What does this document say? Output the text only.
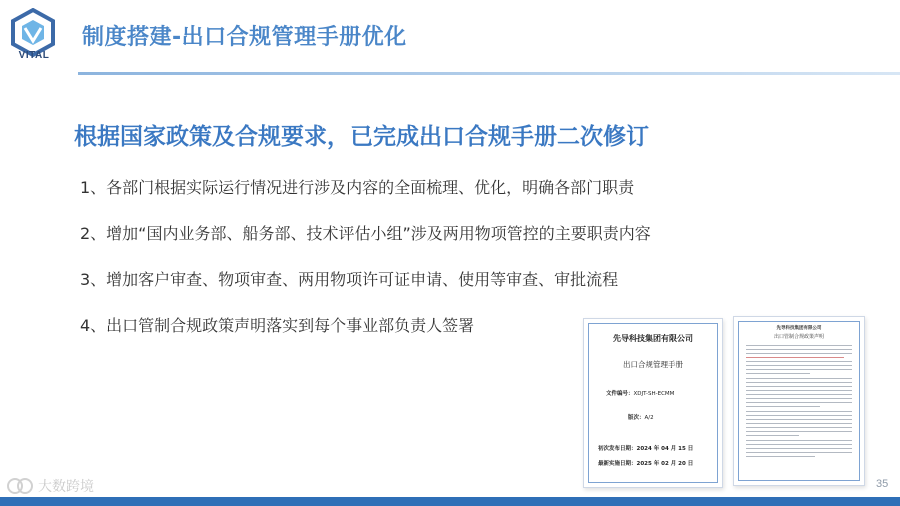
VITAL
制度搭建-出口合规管理手册优化
根据国家政策及合规要求，已完成出口合规手册二次修订
1、各部门根据实际运行情况进行涉及内容的全面梳理、优化，明确各部门职责
2、增加“国内业务部、船务部、技术评估小组”涉及两用物项管控的主要职责内容
3、增加客户审查、物项审查、两用物项许可证申请、使用等审查、审批流程
4、出口管制合规政策声明落实到每个事业部负责人签署
先导科技集团有限公司
出口合规管理手册
文件编号：XDJT-SH-ECMM
版次：A/2
初次发布日期：2024 年 04 月 15 日
最新实施日期：2025 年 02 月 20 日
先导科技集团有限公司
出口管制合规政策声明
大数跨境	35
